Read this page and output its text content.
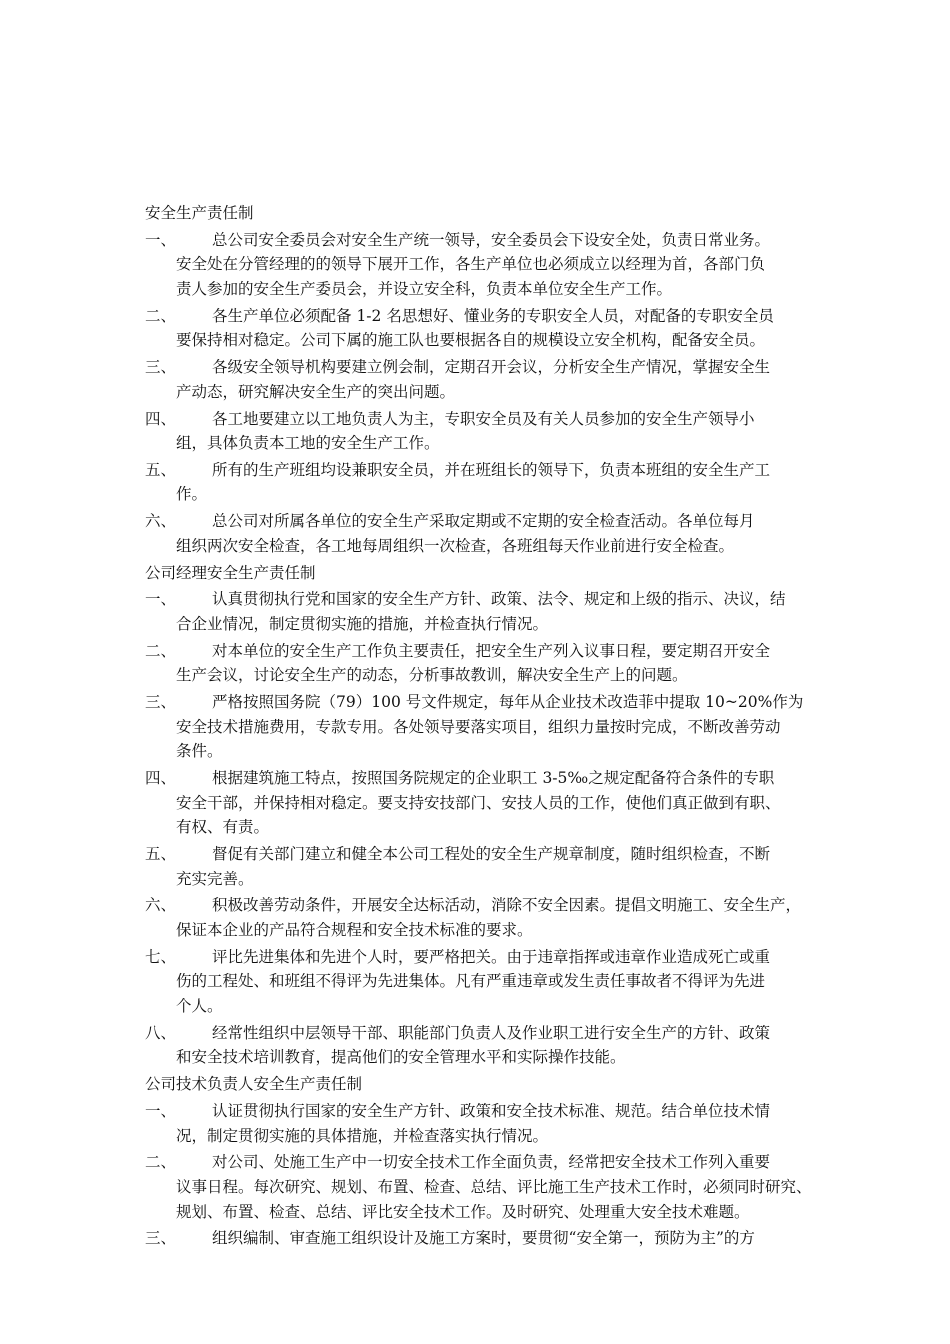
安全生产责任制
一、	总公司安全委员会对安全生产统一领导，安全委员会下设安全处，负责日常业务。
安全处在分管经理的的领导下展开工作，各生产单位也必须成立以经理为首，各部门负
责人参加的安全生产委员会，并设立安全科，负责本单位安全生产工作。
二、	各生产单位必须配备 1-2 名思想好、懂业务的专职安全人员，对配备的专职安全员
要保持相对稳定。公司下属的施工队也要根据各自的规模设立安全机构，配备安全员。
三、	各级安全领导机构要建立例会制，定期召开会议，分析安全生产情况，掌握安全生
产动态，研究解决安全生产的突出问题。
四、	各工地要建立以工地负责人为主，专职安全员及有关人员参加的安全生产领导小
组，具体负责本工地的安全生产工作。
五、	所有的生产班组均设兼职安全员，并在班组长的领导下，负责本班组的安全生产工
作。
六、	总公司对所属各单位的安全生产采取定期或不定期的安全检查活动。各单位每月
组织两次安全检查，各工地每周组织一次检查，各班组每天作业前进行安全检查。
公司经理安全生产责任制
一、	认真贯彻执行党和国家的安全生产方针、政策、法令、规定和上级的指示、决议，结
合企业情况，制定贯彻实施的措施，并检查执行情况。
二、	对本单位的安全生产工作负主要责任，把安全生产列入议事日程，要定期召开安全
生产会议，讨论安全生产的动态，分析事故教训，解决安全生产上的问题。
三、	严格按照国务院（79）100 号文件规定，每年从企业技术改造菲中提取 10~20%作为
安全技术措施费用，专款专用。各处领导要落实项目，组织力量按时完成，不断改善劳动
条件。
四、	根据建筑施工特点，按照国务院规定的企业职工 3-5‰之规定配备符合条件的专职
安全干部，并保持相对稳定。要支持安技部门、安技人员的工作，使他们真正做到有职、
有权、有责。
五、	督促有关部门建立和健全本公司工程处的安全生产规章制度，随时组织检查，不断
充实完善。
六、	积极改善劳动条件，开展安全达标活动，消除不安全因素。提倡文明施工、安全生产，
保证本企业的产品符合规程和安全技术标准的要求。
七、	评比先进集体和先进个人时，要严格把关。由于违章指挥或违章作业造成死亡或重
伤的工程处、和班组不得评为先进集体。凡有严重违章或发生责任事故者不得评为先进
个人。
八、	经常性组织中层领导干部、职能部门负责人及作业职工进行安全生产的方针、政策
和安全技术培训教育，提高他们的安全管理水平和实际操作技能。
公司技术负责人安全生产责任制
一、	认证贯彻执行国家的安全生产方针、政策和安全技术标准、规范。结合单位技术情
况，制定贯彻实施的具体措施，并检查落实执行情况。
二、	对公司、处施工生产中一切安全技术工作全面负责，经常把安全技术工作列入重要
议事日程。每次研究、规划、布置、检查、总结、评比施工生产技术工作时，必须同时研究、
规划、布置、检查、总结、评比安全技术工作。及时研究、处理重大安全技术难题。
三、	组织编制、审查施工组织设计及施工方案时，要贯彻“安全第一，预防为主”的方
